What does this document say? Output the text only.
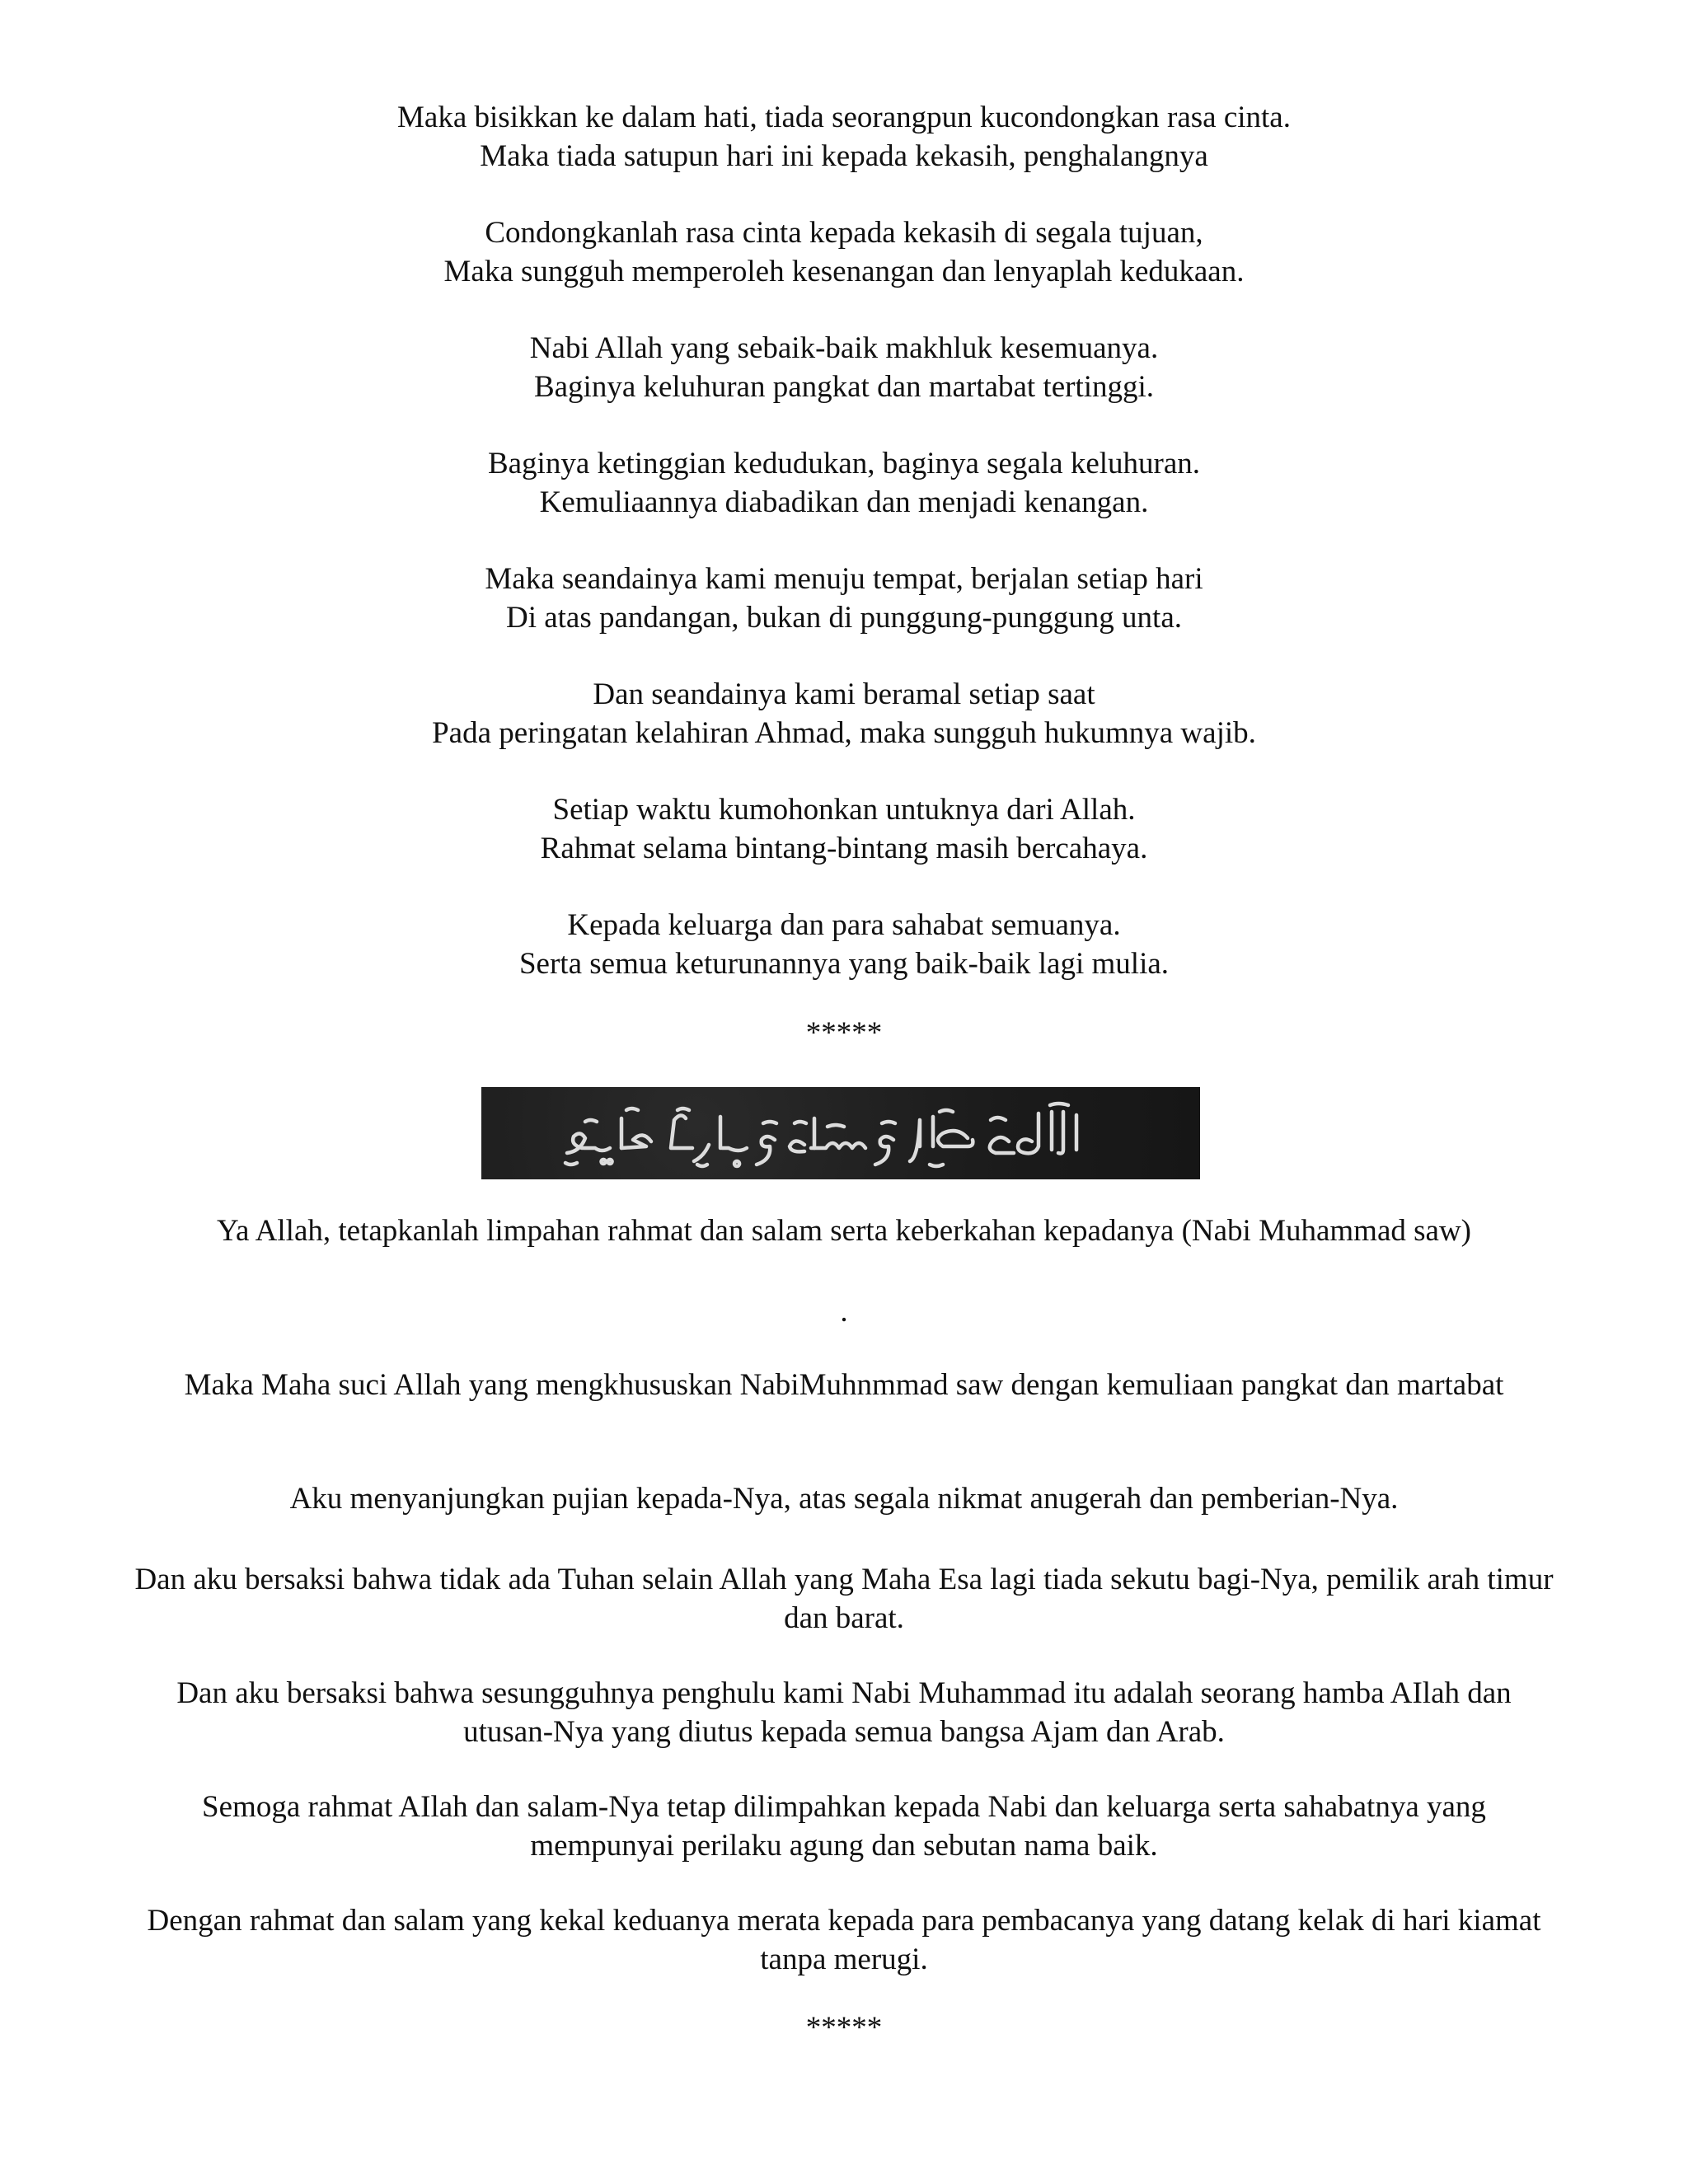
Maka bisikkan ke dalam hati, tiada seorangpun kucondongkan rasa cinta.
Maka tiada satupun hari ini kepada kekasih, penghalangnya
Condongkanlah rasa cinta kepada kekasih di segala tujuan,
Maka sungguh memperoleh kesenangan dan lenyaplah kedukaan.
Nabi Allah yang sebaik-baik makhluk kesemuanya.
Baginya keluhuran pangkat dan martabat tertinggi.
Baginya ketinggian kedudukan, baginya segala keluhuran.
Kemuliaannya diabadikan dan menjadi kenangan.
Maka seandainya kami menuju tempat, berjalan setiap hari
Di atas pandangan, bukan di punggung-punggung unta.
Dan seandainya kami beramal setiap saat
Pada peringatan kelahiran Ahmad, maka sungguh hukumnya wajib.
Setiap waktu kumohonkan untuknya dari Allah.
Rahmat selama bintang-bintang masih bercahaya.
Kepada keluarga dan para sahabat semuanya.
Serta semua keturunannya yang baik-baik lagi mulia.
*****
Ya Allah, tetapkanlah limpahan rahmat dan salam serta keberkahan kepadanya (Nabi Muhammad saw)
.
Maka Maha suci Allah yang mengkhususkan NabiMuhnmmad saw dengan kemuliaan pangkat dan martabat
Aku menyanjungkan pujian kepada-Nya, atas segala nikmat anugerah dan pemberian-Nya.
Dan aku bersaksi bahwa tidak ada Tuhan selain Allah yang Maha Esa lagi tiada sekutu bagi-Nya, pemilik arah timur dan barat.
Dan aku bersaksi bahwa sesungguhnya penghulu kami Nabi Muhammad itu adalah seorang hamba AIlah dan utusan-Nya yang diutus kepada semua bangsa Ajam dan Arab.
Semoga rahmat AIlah dan salam-Nya tetap dilimpahkan kepada Nabi dan keluarga serta sahabatnya yang mempunyai perilaku agung dan sebutan nama baik.
Dengan rahmat dan salam yang kekal keduanya merata kepada para pembacanya yang datang kelak di hari kiamat tanpa merugi.
*****
